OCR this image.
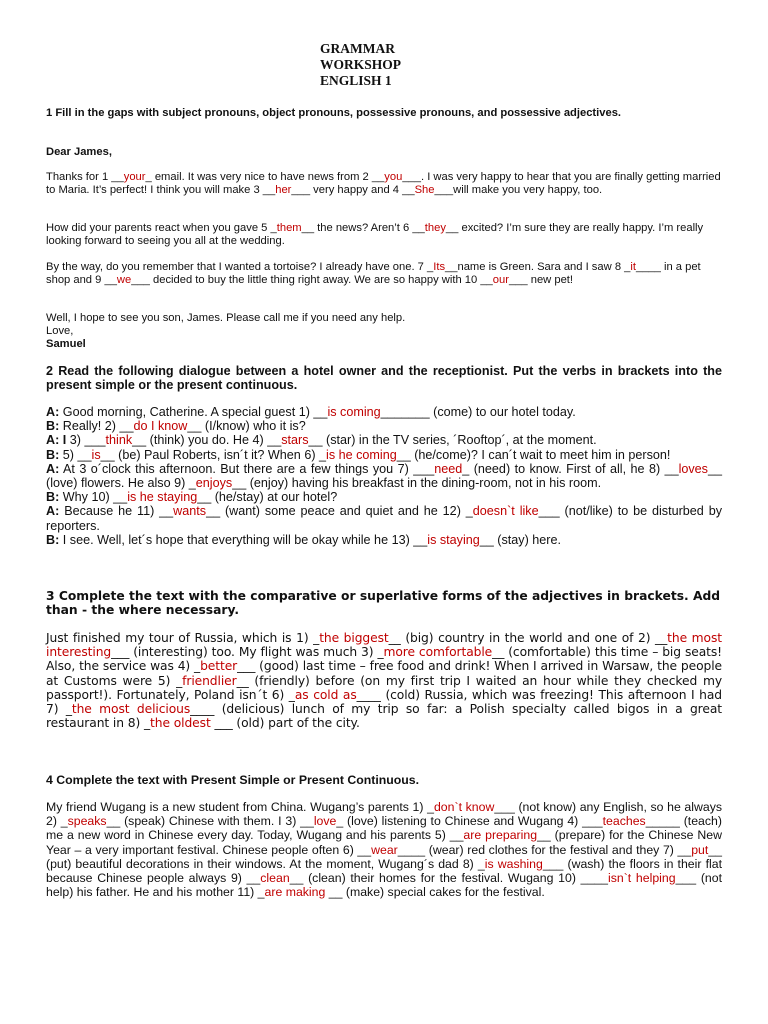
GRAMMAR
WORKSHOP
ENGLISH 1
1 Fill in the gaps with subject pronouns, object pronouns, possessive pronouns, and possessive adjectives.
Dear James,
Thanks for 1 __your_ email. It was very nice to have news from 2 __you___. I was very happy to hear that you are finally getting married to Maria. It’s perfect! I think you will make 3 __her___ very happy and 4 __She___will make you very happy, too.
How did your parents react when you gave 5 _them__ the news? Aren’t 6 __they__ excited? I’m sure they are really happy. I’m really looking forward to seeing you all at the wedding.
By the way, do you remember that I wanted a tortoise? I already have one. 7 _Its__name is Green. Sara and I saw 8 _it____ in a pet shop and 9 __we___ decided to buy the little thing right away. We are so happy with 10 __our___ new pet!
Well, I hope to see you son, James. Please call me if you need any help.
Love,
Samuel
2 Read the following dialogue between a hotel owner and the receptionist. Put the verbs in brackets into the present simple or the present continuous.
A: Good morning, Catherine. A special guest 1) __is coming_______ (come) to our hotel today.
B: Really! 2) __do I know__ (I/know) who it is?
A: I 3) ___think__ (think) you do. He 4) __stars__ (star) in the TV series, ´Rooftop´, at the moment.
B: 5) __is__ (be) Paul Roberts, isn´t it? When 6) _is he coming__ (he/come)? I can´t wait to meet him in person!
A: At 3 o´clock this afternoon. But there are a few things you 7) ___need_ (need) to know. First of all, he 8) __loves__ (love) flowers. He also 9) _enjoys__ (enjoy) having his breakfast in the dining-room, not in his room.
B: Why 10) __is he staying__ (he/stay) at our hotel?
A: Because he 11) __wants__ (want) some peace and quiet and he 12) _doesn`t like___ (not/like) to be disturbed by reporters.
B: I see. Well, let´s hope that everything will be okay while he 13) __is staying__ (stay) here.
3 Complete the text with the comparative or superlative forms of the adjectives in brackets. Add than - the where necessary.
Just finished my tour of Russia, which is 1) _the biggest__ (big) country in the world and one of 2) __the most interesting___ (interesting) too. My flight was much 3) _more comfortable__ (comfortable) this time – big seats! Also, the service was 4) _better___ (good) last time – free food and drink! When I arrived in Warsaw, the people at Customs were 5) _friendlier__ (friendly) before (on my first trip I waited an hour while they checked my passport!). Fortunately, Poland isn´t 6) _as cold as____ (cold) Russia, which was freezing! This afternoon I had 7) _the most delicious____ (delicious) lunch of my trip so far: a Polish specialty called bigos in a great restaurant in 8) _the oldest ___ (old) part of the city.
4 Complete the text with Present Simple or Present Continuous.
My friend Wugang is a new student from China. Wugang’s parents 1) _don`t know___ (not know) any English, so he always 2) _speaks__ (speak) Chinese with them. I 3) __love_ (love) listening to Chinese and Wugang 4) ___teaches_____ (teach) me a new word in Chinese every day. Today, Wugang and his parents 5) __are preparing__ (prepare) for the Chinese New Year – a very important festival. Chinese people often 6) __wear____ (wear) red clothes for the festival and they 7) __put__ (put) beautiful decorations in their windows. At the moment, Wugang´s dad 8) _is washing___ (wash) the floors in their flat because Chinese people always 9) __clean__ (clean) their homes for the festival. Wugang 10) ____isn`t helping___ (not help) his father. He and his mother 11) _are making __ (make) special cakes for the festival.
